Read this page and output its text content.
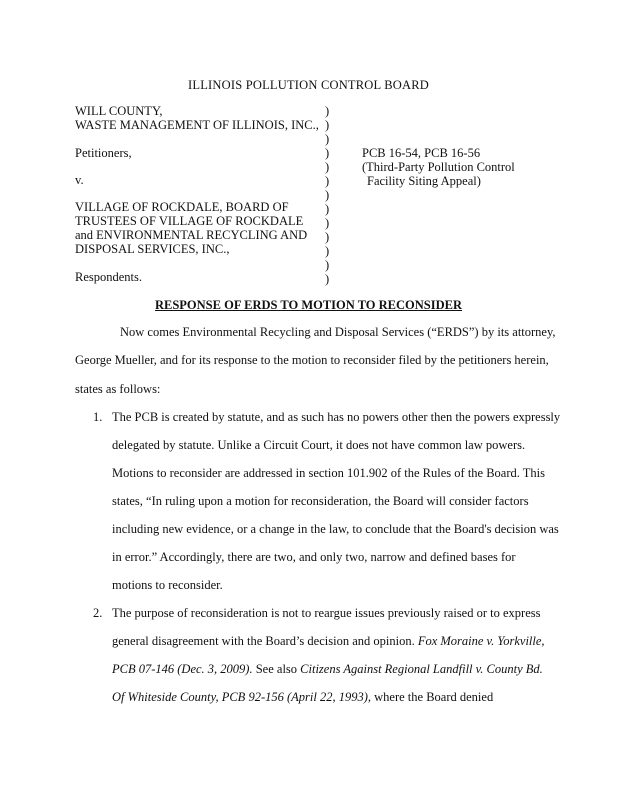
ILLINOIS POLLUTION CONTROL BOARD
WILL COUNTY,
WASTE MANAGEMENT OF ILLINOIS, INC.,
Petitioners,
v.
VILLAGE OF ROCKDALE, BOARD OF
TRUSTEES OF VILLAGE OF ROCKDALE
and ENVIRONMENTAL RECYCLING AND
DISPOSAL SERVICES, INC.,
Respondents.
)
)
)
)
)
)
)
)
)
)
)
)
)
PCB 16-54, PCB 16-56
(Third-Party Pollution Control
Facility Siting Appeal)
RESPONSE OF ERDS TO MOTION TO RECONSIDER
Now comes Environmental Recycling and Disposal Services (“ERDS”) by its attorney,
George Mueller, and for its response to the motion to reconsider filed by the petitioners herein,
states as follows:
1. The PCB is created by statute, and as such has no powers other then the powers expressly
delegated by statute. Unlike a Circuit Court, it does not have common law powers.
Motions to reconsider are addressed in section 101.902 of the Rules of the Board. This
states, “In ruling upon a motion for reconsideration, the Board will consider factors
including new evidence, or a change in the law, to conclude that the Board's decision was
in error.” Accordingly, there are two, and only two, narrow and defined bases for
motions to reconsider.
2. The purpose of reconsideration is not to reargue issues previously raised or to express
general disagreement with the Board’s decision and opinion. Fox Moraine v. Yorkville,
PCB 07-146 (Dec. 3, 2009). See also Citizens Against Regional Landfill v. County Bd.
Of Whiteside County, PCB 92-156 (April 22, 1993), where the Board denied
